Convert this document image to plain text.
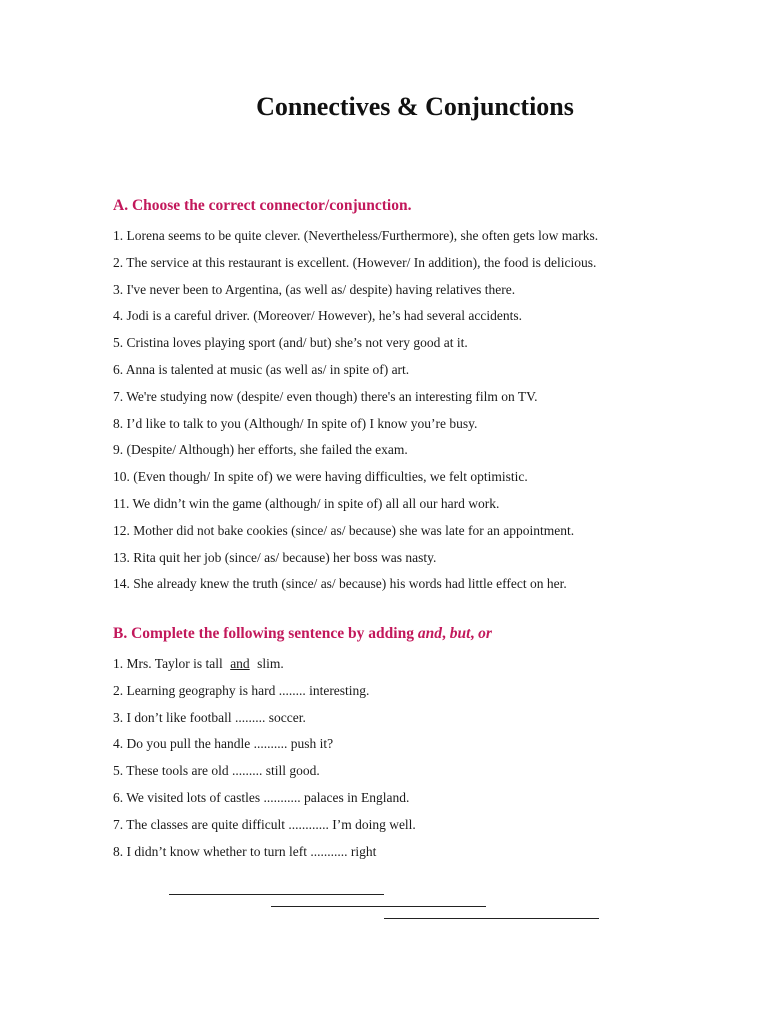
Connectives & Conjunctions
A. Choose the correct connector/conjunction.
1. Lorena seems to be quite clever. (Nevertheless/Furthermore), she often gets low marks.
2. The service at this restaurant is excellent. (However/ In addition), the food is delicious.
3. I've never been to Argentina, (as well as/ despite) having relatives there.
4. Jodi is a careful driver. (Moreover/ However), he’s had several accidents.
5. Cristina loves playing sport (and/ but) she’s not very good at it.
6. Anna is talented at music (as well as/ in spite of) art.
7. We're studying now (despite/ even though) there's an interesting film on TV.
8. I’d like to talk to you (Although/ In spite of) I know you’re busy.
9. (Despite/ Although) her efforts, she failed the exam.
10. (Even though/ In spite of) we were having difficulties, we felt optimistic.
11. We didn’t win the game (although/ in spite of) all all our hard work.
12. Mother did not bake cookies (since/ as/ because) she was late for an appointment.
13. Rita quit her job (since/ as/ because) her boss was nasty.
14. She already knew the truth (since/ as/ because) his words had little effect on her.
B. Complete the following sentence by adding and, but, or
1. Mrs. Taylor is tall and slim.
2. Learning geography is hard ........ interesting.
3. I don’t like football ......... soccer.
4. Do you pull the handle .......... push it?
5. These tools are old ......... still good.
6. We visited lots of castles ........... palaces in England.
7. The classes are quite difficult ............ I’m doing well.
8. I didn’t know whether to turn left ........... right
